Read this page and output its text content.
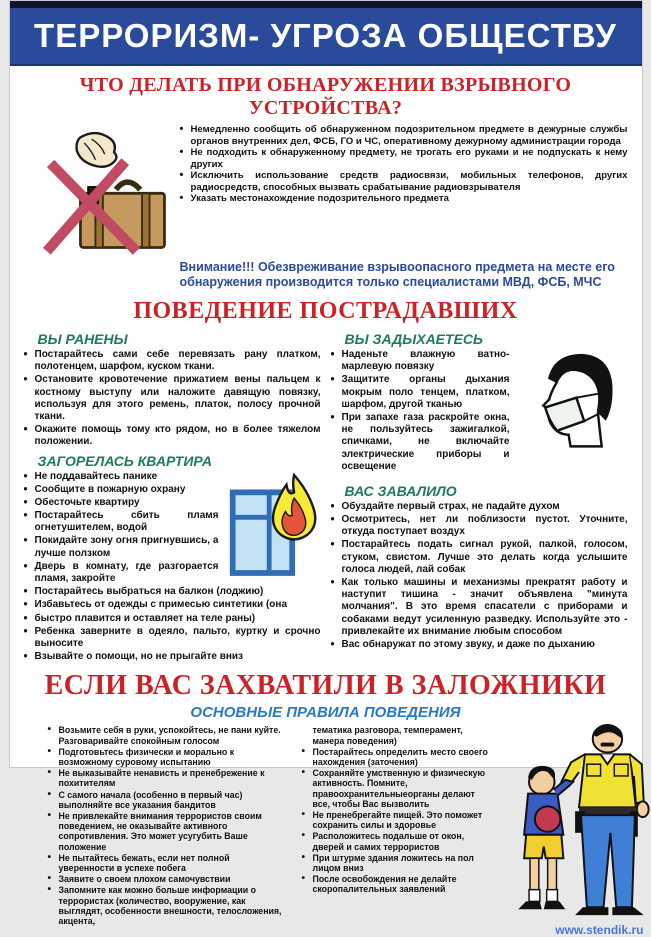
ТЕРРОРИЗМ- УГРОЗА ОБЩЕСТВУ
ЧТО ДЕЛАТЬ ПРИ ОБНАРУЖЕНИИ ВЗРЫВНОГО УСТРОЙСТВА?
• Немедленно сообщить об обнаруженном подозрительном предмете в дежурные службы органов внутренних дел, ФСБ, ГО и ЧС, оперативному дежурному администрации города
• Не подходить к обнаруженному предмету, не трогать его руками и не подпускать к нему других
• Исключить использование средств радиосвязи, мобильных телефонов, других радиосредств, способных вызвать срабатывание радиовзрывателя
• Указать местонахождение подозрительного предмета

Внимание!!! Обезвреживание взрывоопасного предмета на месте его обнаружения производится только специалистами МВД, ФСБ, МЧС

ПОВЕДЕНИЕ ПОСТРАДАВШИХ
ВЫ РАНЕНЫ
• Постарайтесь сами себе перевязать рану платком, полотенцем, шарфом, куском ткани.
• Остановите кровотечение прижатием вены пальцем к костному выступу или наложите давящую повязку, используя для этого ремень, платок, полосу прочной ткани.
• Окажите помощь тому кто рядом, но в более тяжелом положении.
ЗАГОРЕЛАСЬ КВАРТИРА
• Не поддавайтесь панике
• Сообщите в пожарную охрану
• Обесточьте квартиру
• Постарайтесь сбить пламя огнетушителем, водой
• Покидайте зону огня пригнувшись, а лучше ползком
• Дверь в комнату, где разгорается пламя, закройте
• Постарайтесь выбраться на балкон (лоджию)
• Избавьтесь от одежды с примесью синтетики (она
• быстро плавится и оставляет на теле раны)
• Ребенка заверните в одеяло, пальто, куртку и срочно выносите
• Взывайте о помощи, но не прыгайте вниз
ВЫ ЗАДЫХАЕТЕСЬ
• Наденьте влажную ватно- марлевую повязку
• Защитите органы дыхания мокрым поло тенцем, платком, шарфом, другой тканью
• При запахе газа раскройте окна, не пользуйтесь зажигалкой, спичками, не включайте электрические приборы и освещение
ВАС ЗАВАЛИЛО
• Обуздайте первый страх, не падайте духом
• Осмотритесь, нет ли поблизости пустот. Уточните, откуда поступает воздух
• Постарайтесь подать сигнал рукой, палкой, голосом, стуком, свистом. Лучше это делать когда услышите голоса людей, лай собак
• Как только машины и механизмы прекратят работу и наступит тишина - значит объявлена "минута молчания". В это время спасатели с приборами и собаками ведут усиленную разведку. Используйте это - привлекайте их внимание любым способом
• Вас обнаружат по этому звуку, и даже по дыханию
ЕСЛИ ВАС ЗАХВАТИЛИ В ЗАЛОЖНИКИ
ОСНОВНЫЕ ПРАВИЛА ПОВЕДЕНИЯ
• Возьмите себя в руки, успокойтесь, не пани куйте. Разговаривайте спокойным голосом
• Подготовьтесь физически и морально к возможному суровому испытанию
• Не выказывайте ненависть и пренебрежение к похитителям
• С самого начала (особенно в первый час) выполняйте все указания бандитов
• Не привлекайте внимания террористов своим поведением, не оказывайте активного сопротивления. Это может усугубить Ваше положение
• Не пытайтесь бежать, если нет полной уверенности в успехе побега
• Заявите о своем плохом самочувствии
• Запомните как можно больше информации о террористах (количество, вооружение, как выглядят, особенности внешности, телосложения, акцента,
тематика разговора, темперамент, манера поведения)
• Постарайтесь определить место своего нахождения (заточения)
• Сохраняйте умственную и физическую активность. Помните, правоохранительныеорганы делают все, чтобы Вас вызволить
• Не пренебрегайте пищей. Это поможет сохранить силы и здоровье
• Расположитесь подальше от окон, дверей и самих террористов
• При штурме здания ложитесь на пол лицом вниз
• После освобождения не делайте скоропалительных заявлений
www.stendik.ru
